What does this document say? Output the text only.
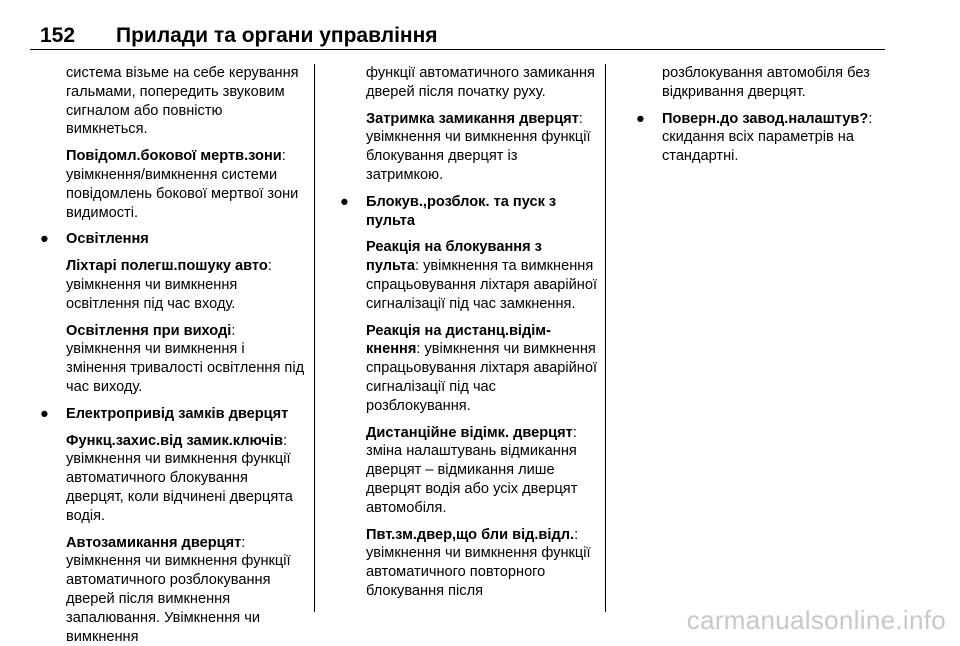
152 Прилади та органи управління

система візьме на себе керування гальмами, попередить звуковим сигналом або повністю вимкнеться.

Повідомл.бокової мертв.зони: увімкнення/вимкнення системи повідомлень бокової мертвої зони видимості.

●	Освітлення

Ліхтарі полегш.пошуку авто: увімкнення чи вимкнення освітлення під час входу.

Освітлення при виході: увімкнення чи вимкнення і змінення тривалості освітлення під час виходу.

●	Електропривід замків дверцят

Функц.захис.від замик.ключів: увімкнення чи вимкнення функції автоматичного блокування дверцят, коли відчинені дверцята водія.

Автозамикання дверцят: увімкнення чи вимкнення функції автоматичного розблокування дверей після вимкнення запалювання. Увімкнення чи вимкнення

функції автоматичного замикання дверей після початку руху.

Затримка замикання дверцят: увімкнення чи вимкнення функції блокування дверцят із затримкою.

●	Блокув.,розблок. та пуск з пульта

Реакція на блокування з пульта: увімкнення та вимкнення спрацьовування ліхтаря аварійної сигналізації під час замкнення.

Реакція на дистанц.відімкнення: увімкнення чи вимкнення спрацьовування ліхтаря аварійної сигналізації під час розблокування.

Дистанційне відімк. дверцят: зміна налаштувань відмикання дверцят – відмикання лише дверцят водія або усіх дверцят автомобіля.

Пвт.зм.двер,що бли від.відл.: увімкнення чи вимкнення функції автоматичного повторного блокування після

розблокування автомобіля без відкривання дверцят.

●	Поверн.до завод.налаштув?: скидання всіх параметрів на стандартні.
carmanualsonline.info
